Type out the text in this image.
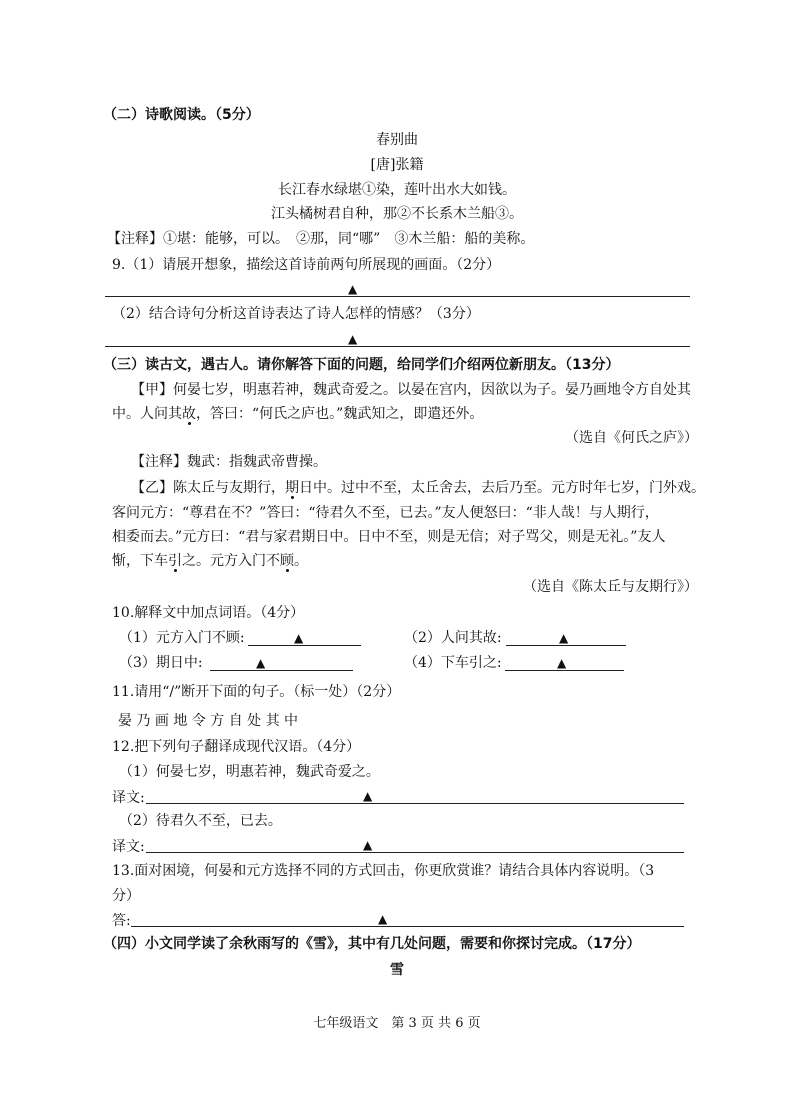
（二）诗歌阅读。（5分）
春别曲
[唐]张籍
长江春水绿堪①染，莲叶出水大如钱。
江头橘树君自种，那②不长系木兰船③。
【注释】①堪：能够，可以。　②那，同“哪”　③木兰船：船的美称。
9.（1）请展开想象，描绘这首诗前两句所展现的画面。（2分）
▲
（2）结合诗句分析这首诗表达了诗人怎样的情感？（3分）
▲
（三）读古文，遇古人。请你解答下面的问题，给同学们介绍两位新朋友。（13分）
【甲】何晏七岁，明惠若神，魏武奇爱之。以晏在宫内，因欲以为子。晏乃画地令方自处其
中。人问其故，答曰：“何氏之庐也。”魏武知之，即遣还外。
（选自《何氏之庐》）
【注释】魏武：指魏武帝曹操。
【乙】陈太丘与友期行，期日中。过中不至，太丘舍去，去后乃至。元方时年七岁，门外戏。
客问元方：“尊君在不？”答曰：“待君久不至，已去。”友人便怒曰：“非人哉！与人期行，
相委而去。”元方曰：“君与家君期日中。日中不至，则是无信；对子骂父，则是无礼。”友人
惭，下车引之。元方入门不顾。
（选自《陈太丘与友期行》）
10.解释文中加点词语。（4分）
（1）元方入门不顾:	▲	（2）人问其故:	▲
（3）期日中:	▲	（4）下车引之:	▲
11.请用“/”断开下面的句子。（标一处）（2分）
晏 乃 画 地 令 方 自 处 其 中
12.把下列句子翻译成现代汉语。（4分）
（1）何晏七岁，明惠若神，魏武奇爱之。
译文:	▲
（2）待君久不至，已去。
译文:	▲
13.面对困境，何晏和元方选择不同的方式回击，你更欣赏谁？请结合具体内容说明。（3
分）
答:	▲
（四）小文同学读了余秋雨写的《雪》，其中有几处问题，需要和你探讨完成。（17分）
雪
七年级语文　第 3 页 共 6 页
